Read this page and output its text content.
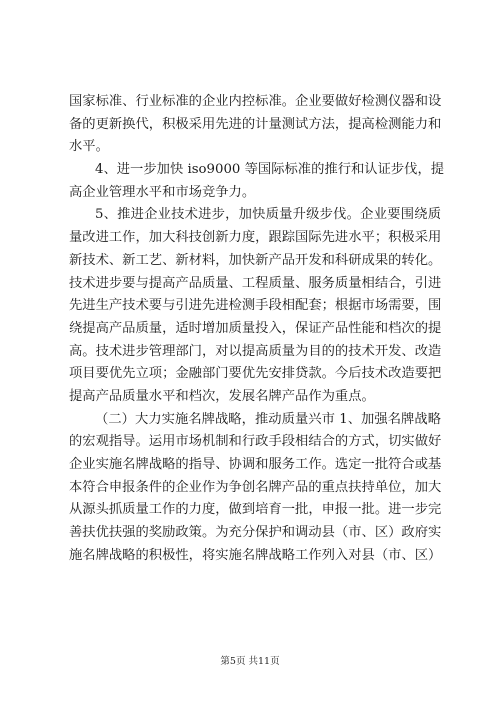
国家标准、行业标准的企业内控标准。企业要做好检测仪器和设
备的更新换代，积极采用先进的计量测试方法，提高检测能力和
水平。
4、进一步加快 iso9000 等国际标准的推行和认证步伐，提
高企业管理水平和市场竞争力。
5、推进企业技术进步，加快质量升级步伐。企业要围绕质
量改进工作，加大科技创新力度，跟踪国际先进水平；积极采用
新技术、新工艺、新材料，加快新产品开发和科研成果的转化。
技术进步要与提高产品质量、工程质量、服务质量相结合，引进
先进生产技术要与引进先进检测手段相配套；根据市场需要，围
绕提高产品质量，适时增加质量投入，保证产品性能和档次的提
高。技术进步管理部门，对以提高质量为目的的技术开发、改造
项目要优先立项；金融部门要优先安排贷款。今后技术改造要把
提高产品质量水平和档次，发展名牌产品作为重点。
（二）大力实施名牌战略，推动质量兴市 1、加强名牌战略
的宏观指导。运用市场机制和行政手段相结合的方式，切实做好
企业实施名牌战略的指导、协调和服务工作。选定一批符合或基
本符合申报条件的企业作为争创名牌产品的重点扶持单位，加大
从源头抓质量工作的力度，做到培育一批，申报一批。进一步完
善扶优扶强的奖励政策。为充分保护和调动县（市、区）政府实
施名牌战略的积极性，将实施名牌战略工作列入对县（市、区）
第5页 共11页
